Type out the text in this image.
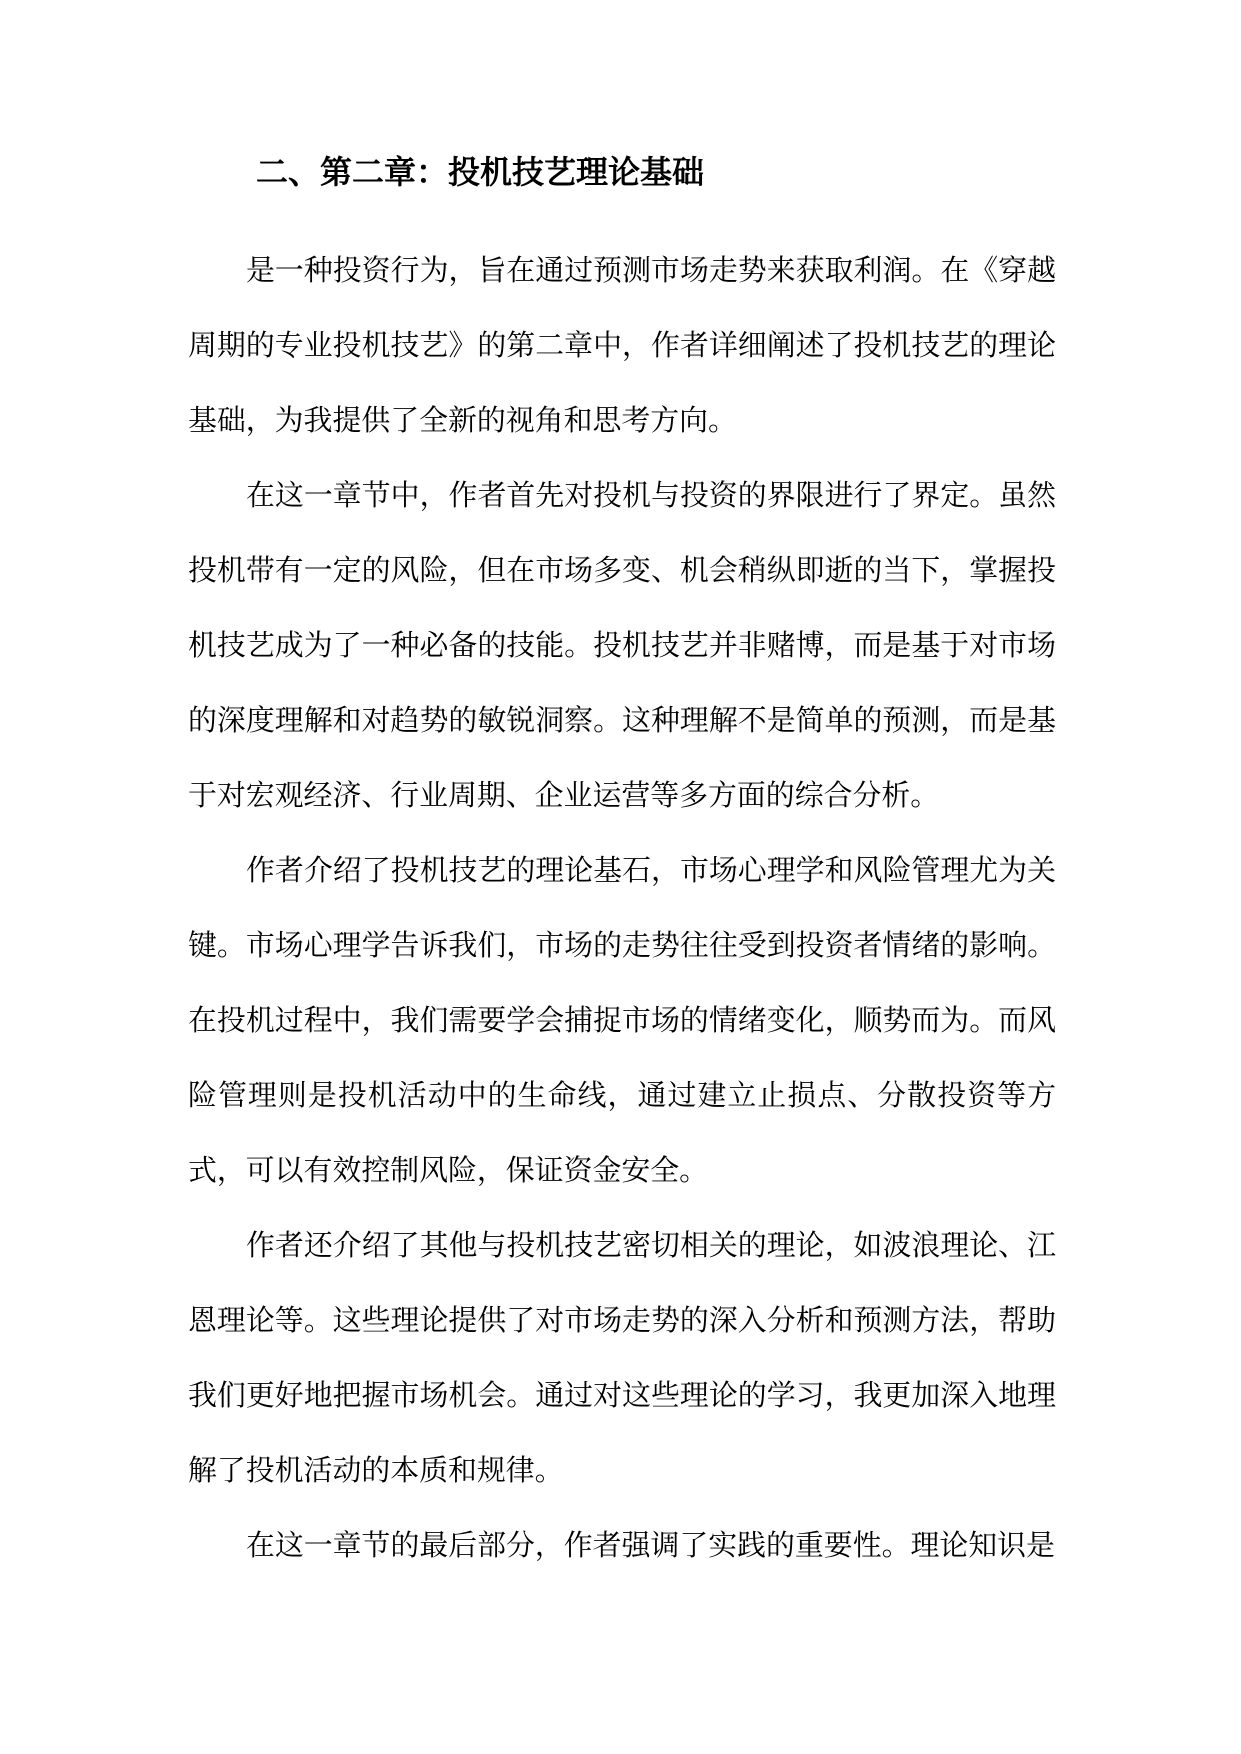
二、第二章：投机技艺理论基础

是一种投资行为，旨在通过预测市场走势来获取利润。在《穿越周期的专业投机技艺》的第二章中，作者详细阐述了投机技艺的理论基础，为我提供了全新的视角和思考方向。

在这一章节中，作者首先对投机与投资的界限进行了界定。虽然投机带有一定的风险，但在市场多变、机会稍纵即逝的当下，掌握投机技艺成为了一种必备的技能。投机技艺并非赌博，而是基于对市场的深度理解和对趋势的敏锐洞察。这种理解不是简单的预测，而是基于对宏观经济、行业周期、企业运营等多方面的综合分析。

作者介绍了投机技艺的理论基石，市场心理学和风险管理尤为关键。市场心理学告诉我们，市场的走势往往受到投资者情绪的影响。在投机过程中，我们需要学会捕捉市场的情绪变化，顺势而为。而风险管理则是投机活动中的生命线，通过建立止损点、分散投资等方式，可以有效控制风险，保证资金安全。

作者还介绍了其他与投机技艺密切相关的理论，如波浪理论、江恩理论等。这些理论提供了对市场走势的深入分析和预测方法，帮助我们更好地把握市场机会。通过对这些理论的学习，我更加深入地理解了投机活动的本质和规律。

在这一章节的最后部分，作者强调了实践的重要性。理论知识是
